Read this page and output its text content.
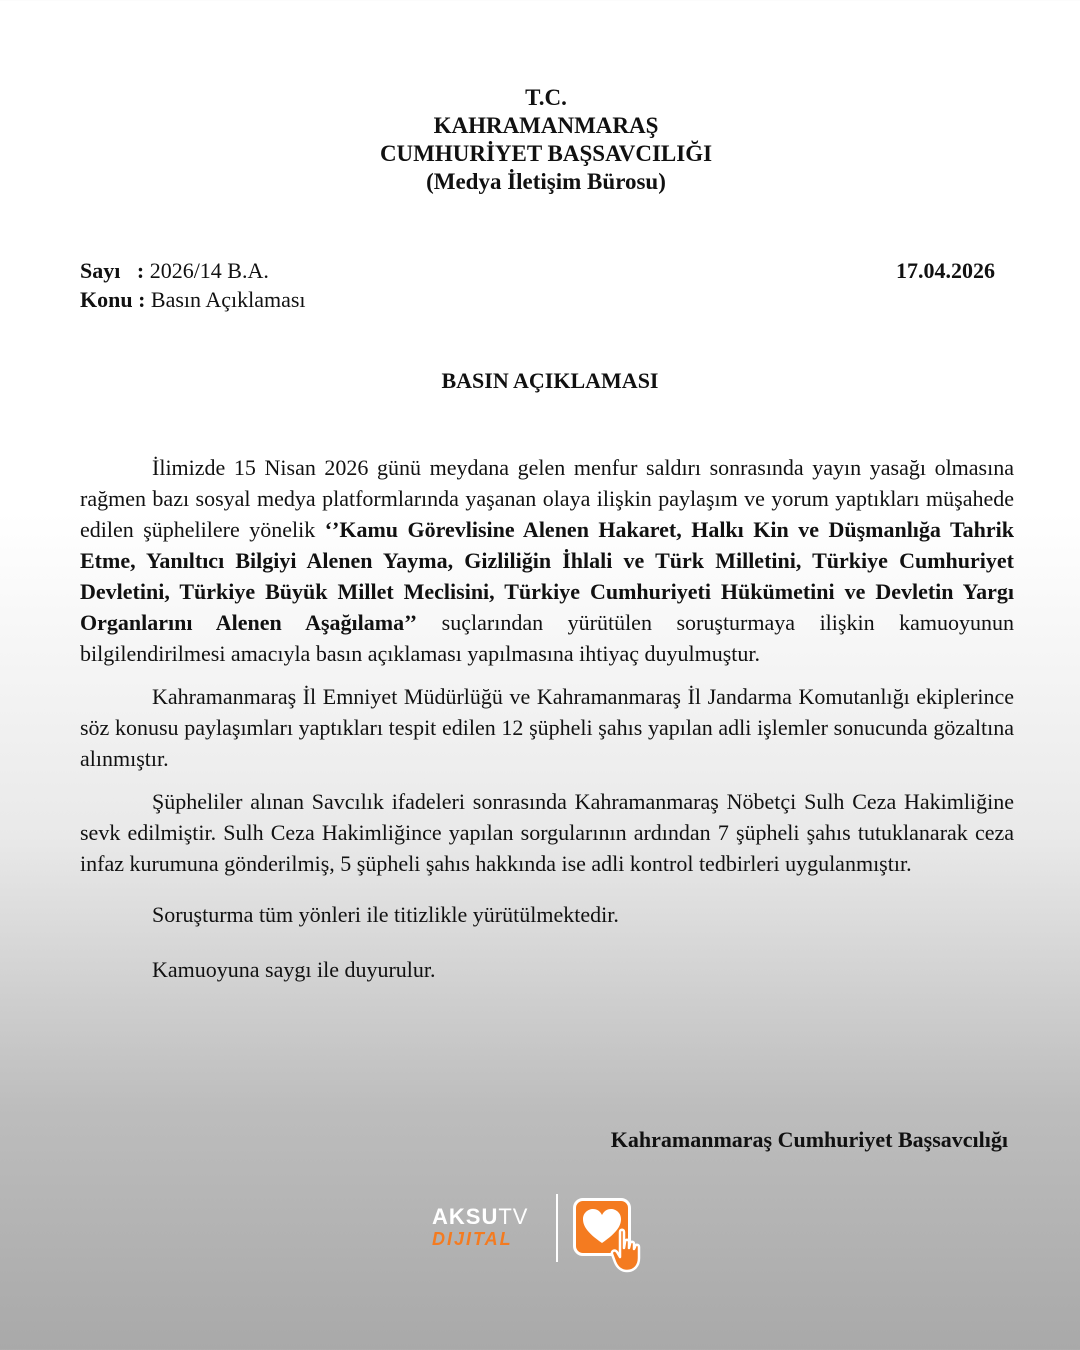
T.C.
KAHRAMANMARAŞ
CUMHURİYET BAŞSAVCILIĞI
(Medya İletişim Bürosu)
Sayı   : 2026/14 B.A.	17.04.2026
Konu : Basın Açıklaması
BASIN AÇIKLAMASI

İlimizde 15 Nisan 2026 günü meydana gelen menfur saldırı sonrasında yayın yasağı olmasına rağmen bazı sosyal medya platformlarında yaşanan olaya ilişkin paylaşım ve yorum yaptıkları müşahede edilen şüphelilere yönelik ‘’Kamu Görevlisine Alenen Hakaret, Halkı Kin ve Düşmanlığa Tahrik Etme, Yanıltıcı Bilgiyi Alenen Yayma, Gizliliğin İhlali ve Türk Milletini, Türkiye Cumhuriyet Devletini, Türkiye Büyük Millet Meclisini, Türkiye Cumhuriyeti Hükümetini ve Devletin Yargı Organlarını Alenen Aşağılama’’ suçlarından yürütülen soruşturmaya ilişkin kamuoyunun bilgilendirilmesi amacıyla basın açıklaması yapılmasına ihtiyaç duyulmuştur.

Kahramanmaraş İl Emniyet Müdürlüğü ve Kahramanmaraş İl Jandarma Komutanlığı ekiplerince söz konusu paylaşımları yaptıkları tespit edilen 12 şüpheli şahıs yapılan adli işlemler sonucunda gözaltına alınmıştır.

Şüpheliler alınan Savcılık ifadeleri sonrasında Kahramanmaraş Nöbetçi Sulh Ceza Hakimliğine sevk edilmiştir. Sulh Ceza Hakimliğince yapılan sorgularının ardından 7 şüpheli şahıs tutuklanarak ceza infaz kurumuna gönderilmiş, 5 şüpheli şahıs hakkında ise adli kontrol tedbirleri uygulanmıştır.

Soruşturma tüm yönleri ile titizlikle yürütülmektedir.

Kamuoyuna saygı ile duyurulur.

Kahramanmaraş Cumhuriyet Başsavcılığı
AKSUTV
DIJITAL
